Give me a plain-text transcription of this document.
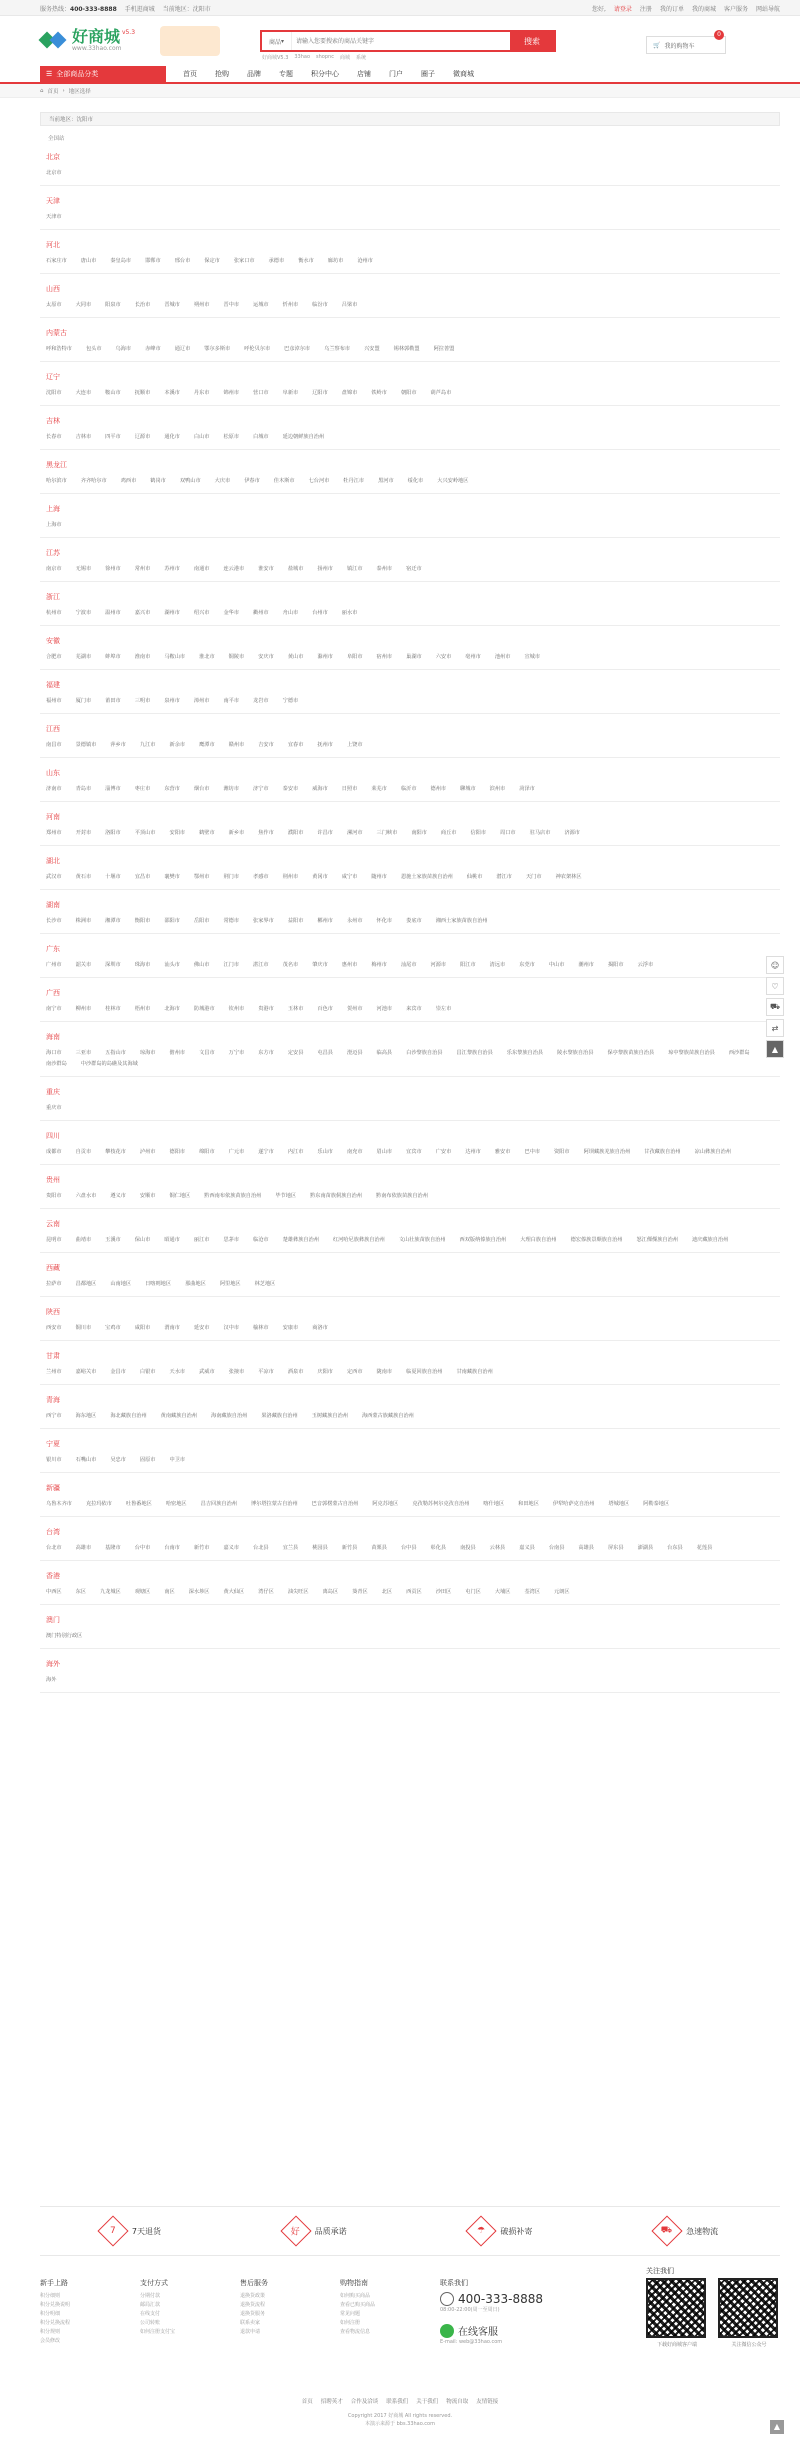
服务热线：400-333-8888 手机逛商城 当前地区：沈阳市	您好, 请登录 注册 我的订单 我的商城 客户服务 网站导航
好商城 v5.3
www.33hao.com
商品 ▾
请输入您要搜索的商品关键字	搜索
好商城V5.3 33hao shopnc 商城 系统
🛒 我的购物车
0
☰ 全部商品分类	首页	抢购	品牌	专题	积分中心	店铺	门户	圈子	微商城
⌂ 首页 › 地区选择
当前地区：沈阳市
全国站
北京
北京市
天津
天津市
河北
石家庄市	唐山市	秦皇岛市	邯郸市	邢台市	保定市	张家口市	承德市	衡水市	廊坊市	沧州市
山西
太原市	大同市	阳泉市	长治市	晋城市	朔州市	晋中市	运城市	忻州市	临汾市	吕梁市
内蒙古
呼和浩特市	包头市	乌海市	赤峰市	通辽市	鄂尔多斯市	呼伦贝尔市	巴彦淖尔市	乌兰察布市	兴安盟	锡林郭勒盟	阿拉善盟
辽宁
沈阳市	大连市	鞍山市	抚顺市	本溪市	丹东市	锦州市	营口市	阜新市	辽阳市	盘锦市	铁岭市	朝阳市	葫芦岛市
吉林
长春市	吉林市	四平市	辽源市	通化市	白山市	松原市	白城市	延边朝鲜族自治州
黑龙江
哈尔滨市	齐齐哈尔市	鸡西市	鹤岗市	双鸭山市	大庆市	伊春市	佳木斯市	七台河市	牡丹江市	黑河市	绥化市	大兴安岭地区
上海
上海市
江苏
南京市	无锡市	徐州市	常州市	苏州市	南通市	连云港市	淮安市	盐城市	扬州市	镇江市	泰州市	宿迁市
浙江
杭州市	宁波市	温州市	嘉兴市	湖州市	绍兴市	金华市	衢州市	舟山市	台州市	丽水市
安徽
合肥市	芜湖市	蚌埠市	淮南市	马鞍山市	淮北市	铜陵市	安庆市	黄山市	滁州市	阜阳市	宿州市	巢湖市	六安市	亳州市	池州市	宣城市
福建
福州市	厦门市	莆田市	三明市	泉州市	漳州市	南平市	龙岩市	宁德市
江西
南昌市	景德镇市	萍乡市	九江市	新余市	鹰潭市	赣州市	吉安市	宜春市	抚州市	上饶市
山东
济南市	青岛市	淄博市	枣庄市	东营市	烟台市	潍坊市	济宁市	泰安市	威海市	日照市	莱芜市	临沂市	德州市	聊城市	滨州市	菏泽市
河南
郑州市	开封市	洛阳市	平顶山市	安阳市	鹤壁市	新乡市	焦作市	濮阳市	许昌市	漯河市	三门峡市	南阳市	商丘市	信阳市	周口市	驻马店市	济源市
湖北
武汉市	黄石市	十堰市	宜昌市	襄樊市	鄂州市	荆门市	孝感市	荆州市	黄冈市	咸宁市	随州市	恩施土家族苗族自治州	仙桃市	潜江市	天门市	神农架林区
湖南
长沙市	株洲市	湘潭市	衡阳市	邵阳市	岳阳市	常德市	张家界市	益阳市	郴州市	永州市	怀化市	娄底市	湘西土家族苗族自治州
广东
广州市	韶关市	深圳市	珠海市	汕头市	佛山市	江门市	湛江市	茂名市	肇庆市	惠州市	梅州市	汕尾市	河源市	阳江市	清远市	东莞市	中山市	潮州市	揭阳市	云浮市
广西
南宁市	柳州市	桂林市	梧州市	北海市	防城港市	钦州市	贵港市	玉林市	百色市	贺州市	河池市	来宾市	崇左市
海南
海口市	三亚市	五指山市	琼海市	儋州市	文昌市	万宁市	东方市	定安县	屯昌县	澄迈县	临高县	白沙黎族自治县	昌江黎族自治县	乐东黎族自治县	陵水黎族自治县	保亭黎族苗族自治县	琼中黎族苗族自治县	西沙群岛
南沙群岛	中沙群岛的岛礁及其海域
重庆
重庆市
四川
成都市	自贡市	攀枝花市	泸州市	德阳市	绵阳市	广元市	遂宁市	内江市	乐山市	南充市	眉山市	宜宾市	广安市	达州市	雅安市	巴中市	资阳市	阿坝藏族羌族自治州	甘孜藏族自治州	凉山彝族自治州
贵州
贵阳市	六盘水市	遵义市	安顺市	铜仁地区	黔西南布依族苗族自治州	毕节地区	黔东南苗族侗族自治州	黔南布依族苗族自治州
云南
昆明市	曲靖市	玉溪市	保山市	昭通市	丽江市	思茅市	临沧市	楚雄彝族自治州	红河哈尼族彝族自治州	文山壮族苗族自治州	西双版纳傣族自治州	大理白族自治州	德宏傣族景颇族自治州	怒江傈僳族自治州	迪庆藏族自治州
西藏
拉萨市	昌都地区	山南地区	日喀则地区	那曲地区	阿里地区	林芝地区
陕西
西安市	铜川市	宝鸡市	咸阳市	渭南市	延安市	汉中市	榆林市	安康市	商洛市
甘肃
兰州市	嘉峪关市	金昌市	白银市	天水市	武威市	张掖市	平凉市	酒泉市	庆阳市	定西市	陇南市	临夏回族自治州	甘南藏族自治州
青海
西宁市	海东地区	海北藏族自治州	黄南藏族自治州	海南藏族自治州	果洛藏族自治州	玉树藏族自治州	海西蒙古族藏族自治州
宁夏
银川市	石嘴山市	吴忠市	固原市	中卫市
新疆
乌鲁木齐市	克拉玛依市	吐鲁番地区	哈密地区	昌吉回族自治州	博尔塔拉蒙古自治州	巴音郭楞蒙古自治州	阿克苏地区	克孜勒苏柯尔克孜自治州	喀什地区	和田地区	伊犁哈萨克自治州	塔城地区	阿勒泰地区
台湾
台北市	高雄市	基隆市	台中市	台南市	新竹市	嘉义市	台北县	宜兰县	桃园县	新竹县	苗栗县	台中县	彰化县	南投县	云林县	嘉义县	台南县	高雄县	屏东县	澎湖县	台东县	花莲县
香港
中西区	东区	九龙城区	观塘区	南区	深水埗区	黄大仙区	湾仔区	油尖旺区	离岛区	葵青区	北区	西贡区	沙田区	屯门区	大埔区	荃湾区	元朗区
澳门
澳门特别行政区
海外
海外
7 7天退货	好 品质承诺	☂ 破损补寄	⛟ 急速物流
新手上路

积分细则

积分兑换说明

积分明细

积分兑换流程

积分规则

会员修改

支付方式

分期付款

邮局汇款

在线支付

公司转账

如何注册支付宝

售后服务

退换货政策

退换货流程

退换货服务

联系卖家

退款申请

购物指南

如何购买商品

查看已购买商品

常见问题

如何注册

查看物流信息

联系我们
400-333-8888

08:00-22:00(周一至周日)

在线客服

E-mail: web@33hao.com

关注我们

下载好商城客户端	关注微信公众号

首页 招聘英才 合作及洽谈 联系我们 关于我们 物流自取 友情链接
Copyright 2017 好商城 All rights reserved.
本演示来源于 bbs.33hao.com
☺
♡
⛟
⇄
▲
▲
